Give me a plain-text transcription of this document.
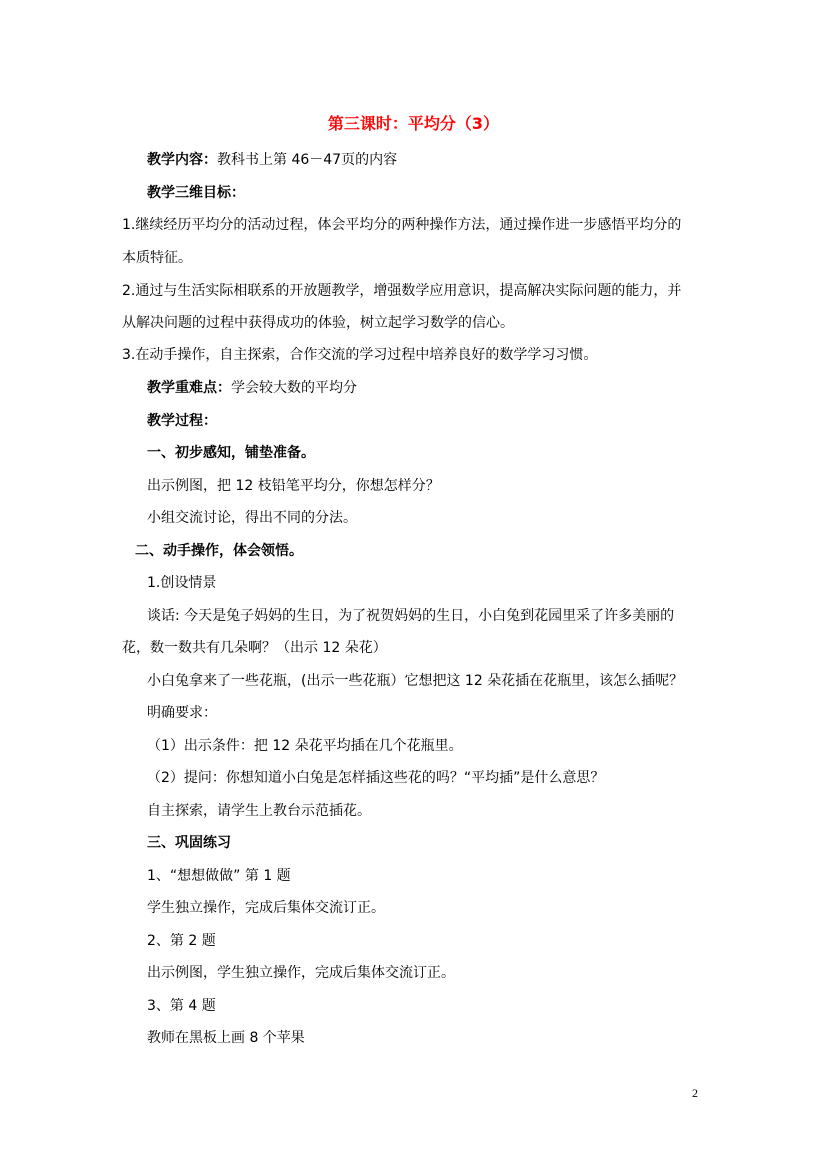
第三课时：平均分（3）
教学内容：教科书上第 46－47页的内容
教学三维目标：
1.继续经历平均分的活动过程，体会平均分的两种操作方法，通过操作进一步感悟平均分的
本质特征。
2.通过与生活实际相联系的开放题教学，增强数学应用意识，提高解决实际问题的能力，并
从解决问题的过程中获得成功的体验，树立起学习数学的信心。
3.在动手操作，自主探索，合作交流的学习过程中培养良好的数学学习习惯。
教学重难点：学会较大数的平均分
教学过程：
一、初步感知，铺垫准备。
出示例图，把 12 枝铅笔平均分，你想怎样分？
小组交流讨论，得出不同的分法。
二、动手操作，体会领悟。
1.创设情景
谈话: 今天是兔子妈妈的生日，为了祝贺妈妈的生日，小白兔到花园里采了许多美丽的
花，数一数共有几朵啊？（出示 12 朵花）
小白兔拿来了一些花瓶，(出示一些花瓶）它想把这 12 朵花插在花瓶里，该怎么插呢？
明确要求：
（1）出示条件：把 12 朵花平均插在几个花瓶里。
（2）提问：你想知道小白兔是怎样插这些花的吗？“平均插”是什么意思？
自主探索，请学生上教台示范插花。
三、巩固练习
1、“想想做做” 第 1 题
学生独立操作，完成后集体交流订正。
2、第 2 题
出示例图，学生独立操作，完成后集体交流订正。
3、第 4 题
教师在黑板上画 8 个苹果
2
